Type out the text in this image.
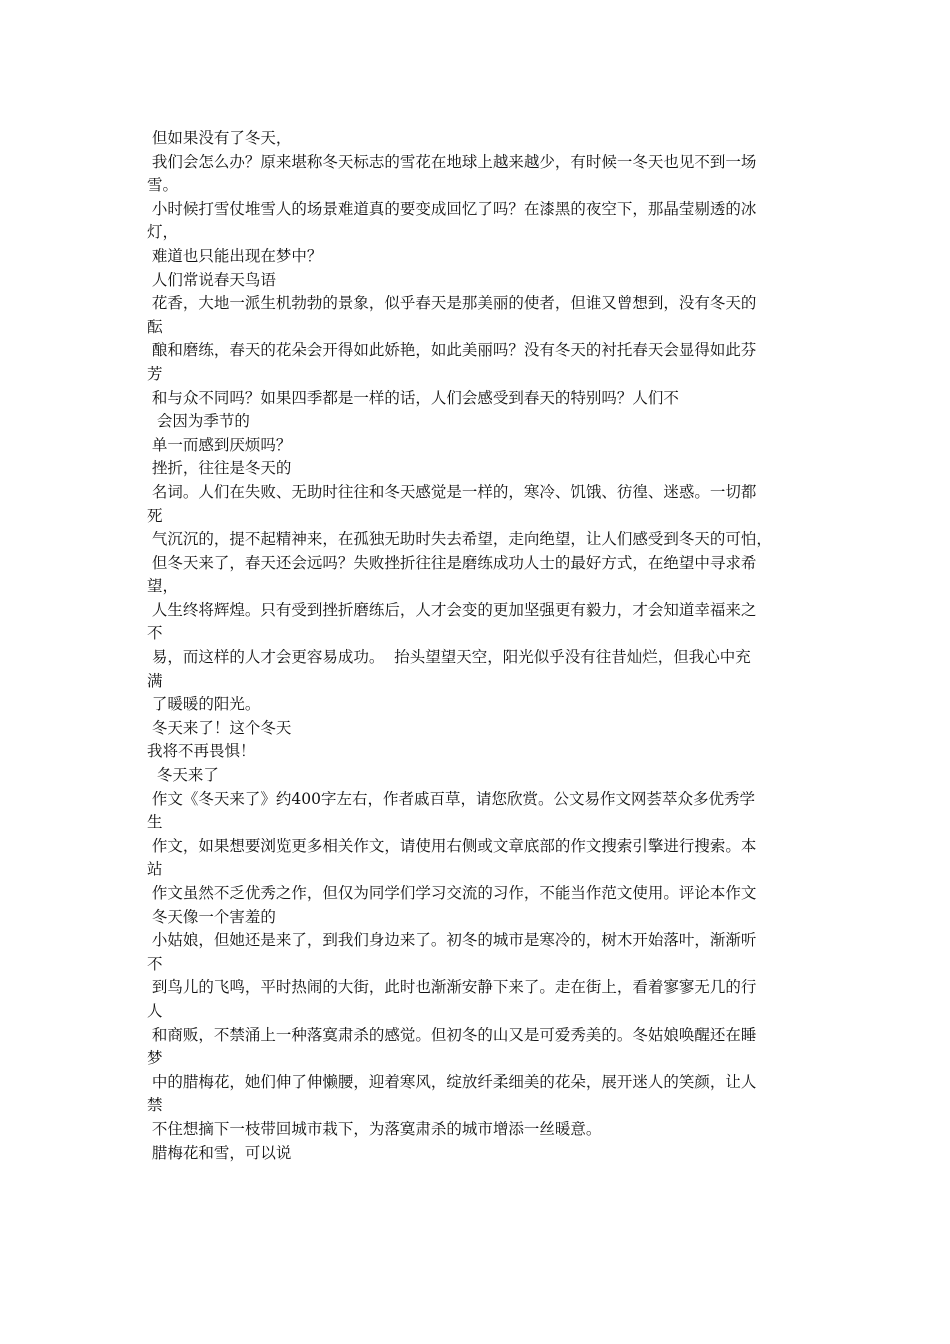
但如果没有了冬天，
我们会怎么办？原来堪称冬天标志的雪花在地球上越来越少，有时候一冬天也见不到一场
雪。
小时候打雪仗堆雪人的场景难道真的要变成回忆了吗？在漆黑的夜空下，那晶莹剔透的冰
灯，
难道也只能出现在梦中？
人们常说春天鸟语
花香，大地一派生机勃勃的景象，似乎春天是那美丽的使者，但谁又曾想到，没有冬天的
酝
酿和磨练，春天的花朵会开得如此娇艳，如此美丽吗？没有冬天的衬托春天会显得如此芬
芳
和与众不同吗？如果四季都是一样的话，人们会感受到春天的特别吗？人们不
会因为季节的
单一而感到厌烦吗？
挫折，往往是冬天的
名词。人们在失败、无助时往往和冬天感觉是一样的，寒冷、饥饿、彷徨、迷惑。一切都
死
气沉沉的，提不起精神来，在孤独无助时失去希望，走向绝望，让人们感受到冬天的可怕，
但冬天来了，春天还会远吗？失败挫折往往是磨练成功人士的最好方式，在绝望中寻求希
望，
人生终将辉煌。只有受到挫折磨练后，人才会变的更加坚强更有毅力，才会知道幸福来之
不
易，而这样的人才会更容易成功。  抬头望望天空，阳光似乎没有往昔灿烂，但我心中充
满
了暖暖的阳光。
冬天来了！这个冬天
我将不再畏惧！
冬天来了
作文《冬天来了》约400字左右，作者戚百草，请您欣赏。公文易作文网荟萃众多优秀学
生
作文，如果想要浏览更多相关作文，请使用右侧或文章底部的作文搜索引擎进行搜索。本
站
作文虽然不乏优秀之作，但仅为同学们学习交流的习作，不能当作范文使用。评论本作文
冬天像一个害羞的
小姑娘，但她还是来了，到我们身边来了。初冬的城市是寒冷的，树木开始落叶，渐渐听
不
到鸟儿的飞鸣，平时热闹的大街，此时也渐渐安静下来了。走在街上，看着寥寥无几的行
人
和商贩，不禁涌上一种落寞肃杀的感觉。但初冬的山又是可爱秀美的。冬姑娘唤醒还在睡
梦
中的腊梅花，她们伸了伸懒腰，迎着寒风，绽放纤柔细美的花朵，展开迷人的笑颜，让人
禁
不住想摘下一枝带回城市栽下，为落寞肃杀的城市增添一丝暖意。
腊梅花和雪，可以说
